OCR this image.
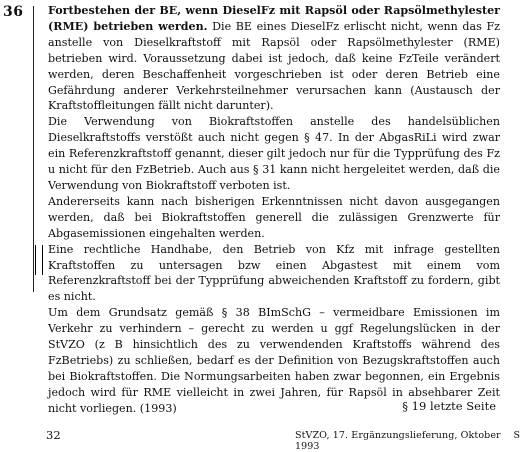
36 Fortbestehen der BE, wenn DieselFz mit Rapsöl oder Rapsölmethylester (RME) betrieben werden. Die BE eines DieselFz erlischt nicht, wenn das Fz anstelle von Dieselkraftstoff mit Rapsöl oder Rapsölmethylester (RME) betrieben wird. Voraussetzung dabei ist jedoch, daß keine FzTeile verändert werden, deren Beschaffenheit vorgeschrieben ist oder deren Betrieb eine Gefährdung anderer Verkehrsteilnehmer verursachen kann (Austausch der Kraftstoffleitungen fällt nicht darunter).

Die Verwendung von Biokraftstoffen anstelle des handelsüblichen Dieselkraftstoffs verstößt auch nicht gegen § 47. In der AbgasRiLi wird zwar ein Referenzkraftstoff genannt, dieser gilt jedoch nur für die Typprüfung des Fz u nicht für den FzBetrieb. Auch aus § 31 kann nicht hergeleitet werden, daß die Verwendung von Biokraftstoff verboten ist.

Andererseits kann nach bisherigen Erkenntnissen nicht davon ausgegangen werden, daß bei Biokraftstoffen generell die zulässigen Grenzwerte für Abgasemissionen eingehalten werden.

Eine rechtliche Handhabe, den Betrieb von Kfz mit infrage gestellten Kraftstoffen zu untersagen bzw einen Abgastest mit einem vom Referenzkraftstoff bei der Typprüfung abweichenden Kraftstoff zu fordern, gibt es nicht.

Um dem Grundsatz gemäß § 38 BImSchG – vermeidbare Emissionen im Verkehr zu verhindern – gerecht zu werden u ggf Regelungslücken in der StVZO (z B hinsichtlich des zu verwendenden Kraftstoffs während des FzBetriebs) zu schließen, bedarf es der Definition von Bezugskraftstoffen auch bei Biokraftstoffen. Die Normungsarbeiten haben zwar begonnen, ein Ergebnis jedoch wird für RME vielleicht in zwei Jahren, für Rapsöl in absehbarer Zeit nicht vorliegen. (1993)	§ 19 letzte Seite
32	StVZO, 17. Ergänzungslieferung, Oktober 1993
S
